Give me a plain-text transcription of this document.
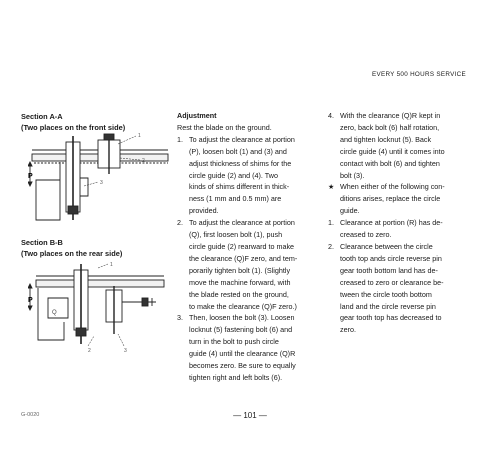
EVERY 500 HOURS SERVICE
Section A-A
(Two places on the front side)
P
1
2
3
Section B-B
(Two places on the rear side)
P
Q
1
2	3

Adjustment

Rest the blade on the ground.

1. To adjust the clearance at portion
(P), loosen bolt (1) and (3) and
adjust thickness of shims for the
circle guide (2) and (4). Two
kinds of shims different in thick-
ness (1 mm and 0.5 mm) are
provided.
2. To adjust the clearance at portion
(Q), first loosen bolt (1), push
circle guide (2) rearward to make
the clearance (Q)F zero, and tem-
porarily tighten bolt (1). (Slightly
move the machine forward, with
the blade rested on the ground,
to make the clearance (Q)F zero.)
3. Then, loosen the bolt (3). Loosen
locknut (5) fastening bolt (6) and
turn in the bolt to push circle
guide (4) until the clearance (Q)R
becomes zero. Be sure to equally
tighten right and left bolts (6).
4. With the clearance (Q)R kept in
zero, back bolt (6) half rotation,
and tighten locknut (5). Back
circle guide (4) until it comes into
contact with bolt (6) and tighten
bolt (3).
★ When either of the following con-
ditions arises, replace the circle
guide.
1. Clearance at portion (R) has de-
creased to zero.
2. Clearance between the circle
tooth top ands circle reverse pin
gear tooth bottom land has de-
creased to zero or clearance be-
tween the circle tooth bottom
land and the circle reverse pin
gear tooth top has decreased to
zero.
G-0020	— 101 —
